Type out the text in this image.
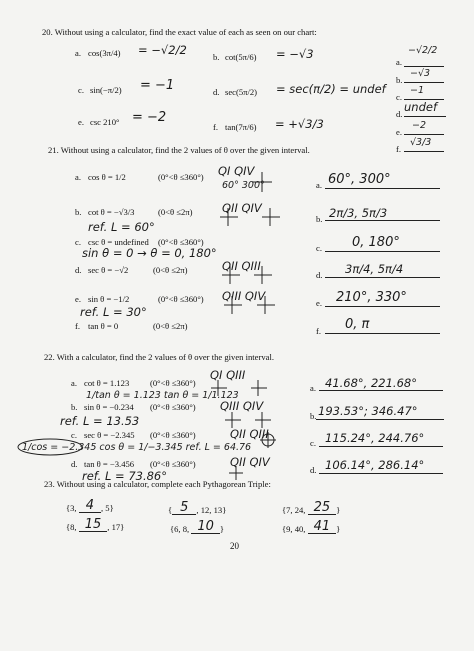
20. Without using a calculator, find the exact value of each as seen on our chart:
a. cos(3π/4) = −√2/2	b. cot(5π/6) = −√3
c. sin(−π/2) = −1	d. sec(5π/2) = sec(π/2) = undef
e. csc 210° = −2
f. tan(7π/6) = +√3/3
a.
−√2/2
b.
−√3
c.
−1
d. undef
e.
−2
f.
√3/3
21. Without using a calculator, find the 2 values of θ over the given interval.
a. cos θ = 1/2	(0°<θ ≤360°) QI QIV
60° 300°	a. 60°, 300°
b. cot θ = −√3/3	(0<θ ≤2π)	QII QIV
ref. L = 60°
b. 2π/3, 5π/3
c. csc θ = undefined (0°<θ ≤360°)
sin θ = 0 → θ = 0, 180°	c. 0, 180°
d. sec θ = −√2	(0<θ ≤2π)	QII QIII
d. 3π/4, 5π/4
e. sin θ = −1/2	(0°<θ ≤360°) QIII QIV
ref. L = 30°
e. 210°, 330°
f. tan θ = 0	(0<θ ≤2π)	f. 0, π
22. With a calculator, find the 2 values of θ over the given interval.
a. cot θ = 1.123 (0°<θ ≤360°)
QI QIII
1/tan θ = 1.123 tan θ = 1/1.123
a. 41.68°, 221.68°
b. sin θ = −0.234 (0°<θ ≤360°) QIII QIV
ref. L = 13.53	b. 193.53°; 346.47°
c. sec θ = −2.345 (0°<θ ≤360°)	QII QIII
1/cos = −2.345 cos θ = 1/−3.345 ref. L = 64.76	c. 115.24°, 244.76°
d. tan θ = −3.456 (0°<θ ≤360°)	QII QIV
ref. L = 73.86°	d. 106.14°, 286.14°
23. Without using a calculator, complete each Pythagorean Triple:
{3, 4 , 5}	{ 5 , 12, 13}	{7, 24, 25 }
{8, 15 , 17}	{6, 8, 10 }	{9, 40, 41 }
20
